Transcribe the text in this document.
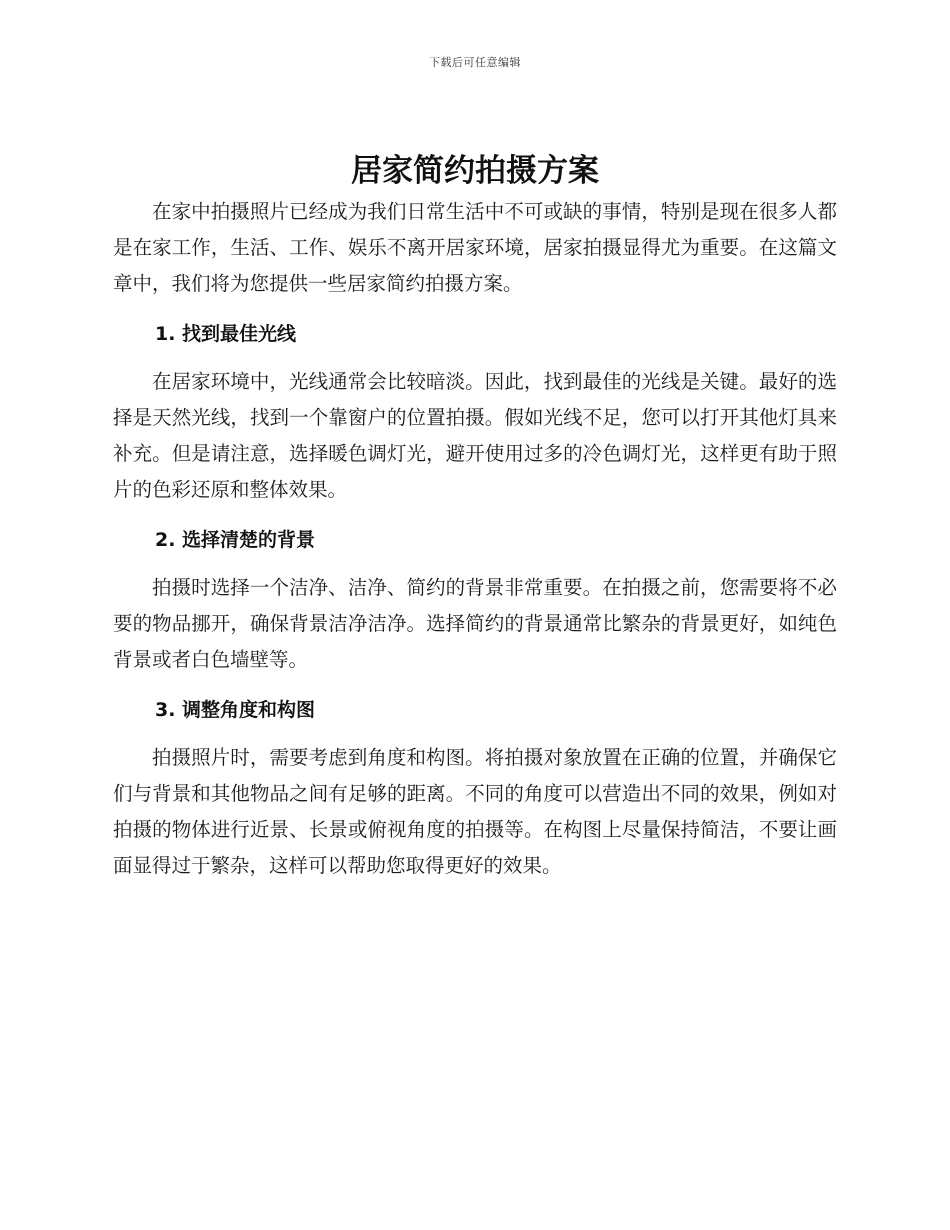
下载后可任意编辑
居家简约拍摄方案

在家中拍摄照片已经成为我们日常生活中不可或缺的事情，特别是现在很多人都是在家工作，生活、工作、娱乐不离开居家环境，居家拍摄显得尤为重要。在这篇文章中，我们将为您提供一些居家简约拍摄方案。

1. 找到最佳光线

在居家环境中，光线通常会比较暗淡。因此，找到最佳的光线是关键。最好的选择是天然光线，找到一个靠窗户的位置拍摄。假如光线不足，您可以打开其他灯具来补充。但是请注意，选择暖色调灯光，避开使用过多的冷色调灯光，这样更有助于照片的色彩还原和整体效果。

2. 选择清楚的背景

拍摄时选择一个洁净、洁净、简约的背景非常重要。在拍摄之前，您需要将不必要的物品挪开，确保背景洁净洁净。选择简约的背景通常比繁杂的背景更好，如纯色背景或者白色墙壁等。

3. 调整角度和构图

拍摄照片时，需要考虑到角度和构图。将拍摄对象放置在正确的位置，并确保它们与背景和其他物品之间有足够的距离。不同的角度可以营造出不同的效果，例如对拍摄的物体进行近景、长景或俯视角度的拍摄等。在构图上尽量保持简洁，不要让画面显得过于繁杂，这样可以帮助您取得更好的效果。
